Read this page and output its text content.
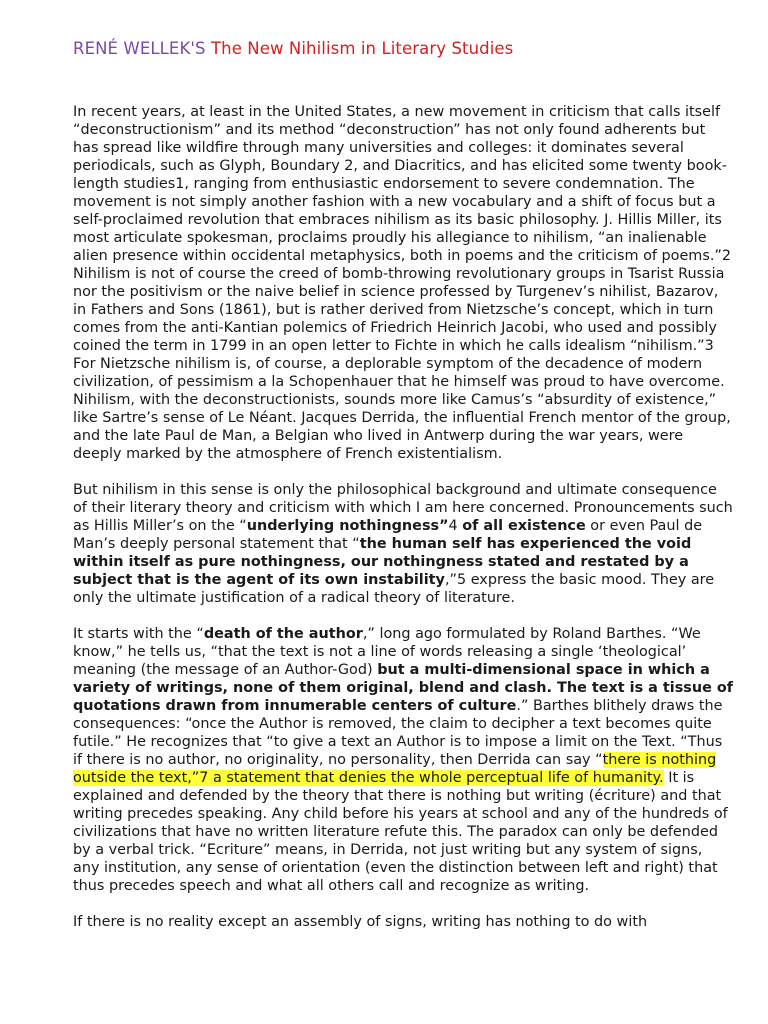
RENÉ WELLEK'S The New Nihilism in Literary Studies

In recent years, at least in the United States, a new movement in criticism that calls itself “deconstructionism” and its method “deconstruction” has not only found adherents but has spread like wildfire through many universities and colleges: it dominates several periodicals, such as Glyph, Boundary 2, and Diacritics, and has elicited some twenty book-length studies1, ranging from enthusiastic endorsement to severe condemnation. The movement is not simply another fashion with a new vocabulary and a shift of focus but a self-proclaimed revolution that embraces nihilism as its basic philosophy. J. Hillis Miller, its most articulate spokesman, proclaims proudly his allegiance to nihilism, “an inalienable alien presence within occidental metaphysics, both in poems and the criticism of poems.”2 Nihilism is not of course the creed of bomb-throwing revolutionary groups in Tsarist Russia nor the positivism or the naive belief in science professed by Turgenev’s nihilist, Bazarov, in Fathers and Sons (1861), but is rather derived from Nietzsche’s concept, which in turn comes from the anti-Kantian polemics of Friedrich Heinrich Jacobi, who used and possibly coined the term in 1799 in an open letter to Fichte in which he calls idealism “nihilism.”3 For Nietzsche nihilism is, of course, a deplorable symptom of the decadence of modern civilization, of pessimism a la Schopenhauer that he himself was proud to have overcome. Nihilism, with the deconstructionists, sounds more like Camus’s “absurdity of existence,” like Sartre’s sense of Le Néant. Jacques Derrida, the influential French mentor of the group, and the late Paul de Man, a Belgian who lived in Antwerp during the war years, were deeply marked by the atmosphere of French existentialism.

But nihilism in this sense is only the philosophical background and ultimate consequence of their literary theory and criticism with which I am here concerned. Pronouncements such as Hillis Miller’s on the “underlying nothingness”4 of all existence or even Paul de Man’s deeply personal statement that “the human self has experienced the void within itself as pure nothingness, our nothingness stated and restated by a subject that is the agent of its own instability,”5 express the basic mood. They are only the ultimate justification of a radical theory of literature.

It starts with the “death of the author,” long ago formulated by Roland Barthes. “We know,” he tells us, “that the text is not a line of words releasing a single ‘theological’ meaning (the message of an Author-God) but a multi-dimensional space in which a variety of writings, none of them original, blend and clash. The text is a tissue of quotations drawn from innumerable centers of culture.” Barthes blithely draws the consequences: “once the Author is removed, the claim to decipher a text becomes quite futile.” He recognizes that “to give a text an Author is to impose a limit on the Text. “Thus if there is no author, no originality, no personality, then Derrida can say “there is nothing outside the text,”7 a statement that denies the whole perceptual life of humanity. It is explained and defended by the theory that there is nothing but writing (écriture) and that writing precedes speaking. Any child before his years at school and any of the hundreds of civilizations that have no written literature refute this. The paradox can only be defended by a verbal trick. “Ecriture” means, in Derrida, not just writing but any system of signs, any institution, any sense of orientation (even the distinction between left and right) that thus precedes speech and what all others call and recognize as writing.

If there is no reality except an assembly of signs, writing has nothing to do with
